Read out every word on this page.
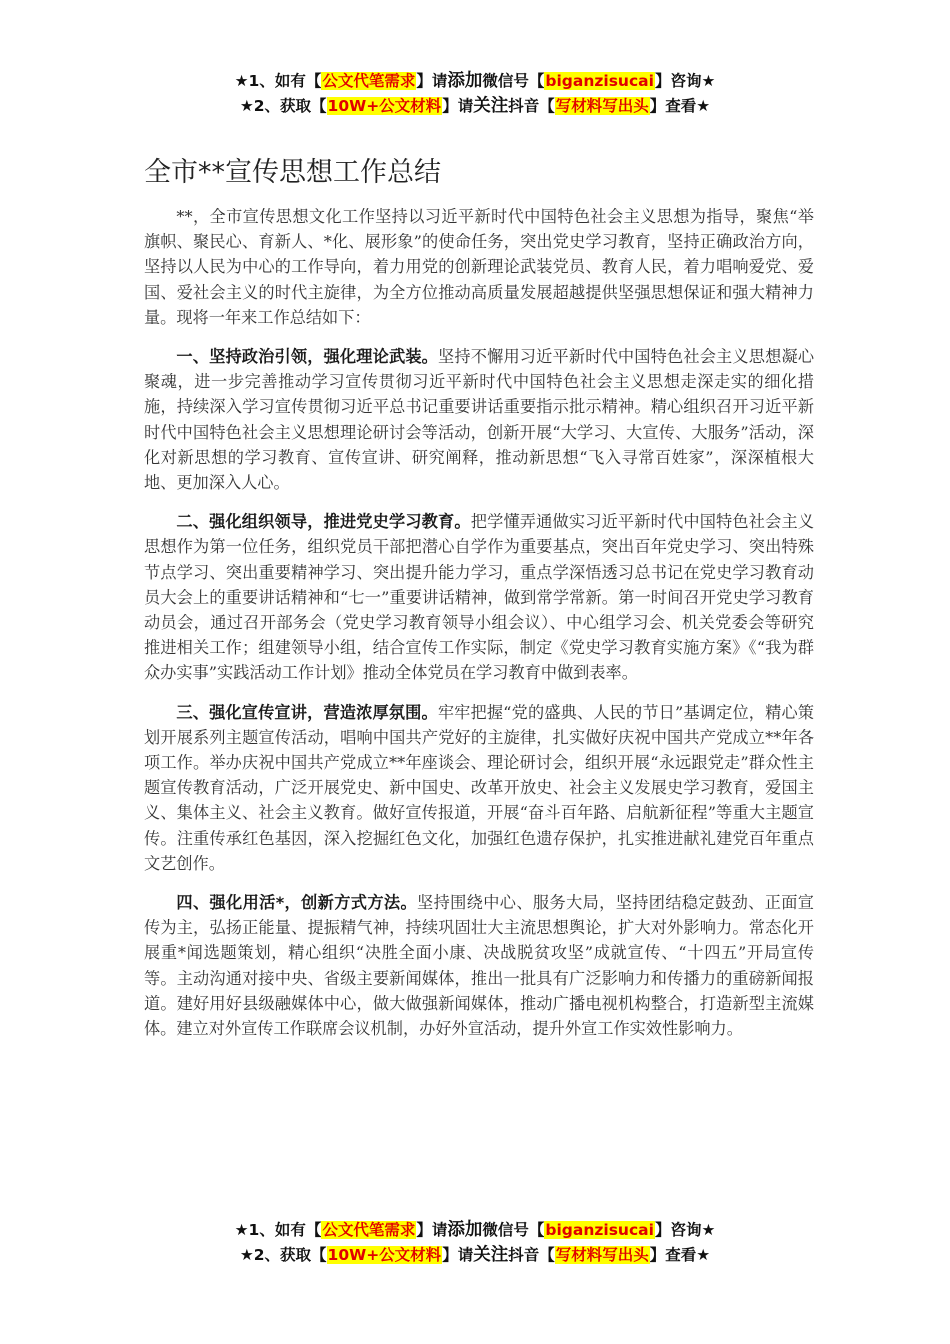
★1、如有【公文代笔需求】请添加微信号【biganzisucai】咨询★
★2、获取【10W+公文材料】请关注抖音【写材料写出头】查看★
全市**宣传思想工作总结

**，全市宣传思想文化工作坚持以习近平新时代中国特色社会主义思想为指导，聚焦“举旗帜、聚民心、育新人、*化、展形象”的使命任务，突出党史学习教育，坚持正确政治方向，坚持以人民为中心的工作导向，着力用党的创新理论武装党员、教育人民，着力唱响爱党、爱国、爱社会主义的时代主旋律，为全方位推动高质量发展超越提供坚强思想保证和强大精神力量。现将一年来工作总结如下：

一、坚持政治引领，强化理论武装。坚持不懈用习近平新时代中国特色社会主义思想凝心聚魂，进一步完善推动学习宣传贯彻习近平新时代中国特色社会主义思想走深走实的细化措施，持续深入学习宣传贯彻习近平总书记重要讲话重要指示批示精神。精心组织召开习近平新时代中国特色社会主义思想理论研讨会等活动，创新开展“大学习、大宣传、大服务”活动，深化对新思想的学习教育、宣传宣讲、研究阐释，推动新思想“飞入寻常百姓家”，深深植根大地、更加深入人心。

二、强化组织领导，推进党史学习教育。把学懂弄通做实习近平新时代中国特色社会主义思想作为第一位任务，组织党员干部把潜心自学作为重要基点，突出百年党史学习、突出特殊节点学习、突出重要精神学习、突出提升能力学习，重点学深悟透习总书记在党史学习教育动员大会上的重要讲话精神和“七一”重要讲话精神，做到常学常新。第一时间召开党史学习教育动员会，通过召开部务会（党史学习教育领导小组会议）、中心组学习会、机关党委会等研究推进相关工作；组建领导小组，结合宣传工作实际，制定《党史学习教育实施方案》《“我为群众办实事”实践活动工作计划》推动全体党员在学习教育中做到表率。

三、强化宣传宣讲，营造浓厚氛围。牢牢把握“党的盛典、人民的节日”基调定位，精心策划开展系列主题宣传活动，唱响中国共产党好的主旋律，扎实做好庆祝中国共产党成立**年各项工作。举办庆祝中国共产党成立**年座谈会、理论研讨会，组织开展“永远跟党走”群众性主题宣传教育活动，广泛开展党史、新中国史、改革开放史、社会主义发展史学习教育，爱国主义、集体主义、社会主义教育。做好宣传报道，开展“奋斗百年路、启航新征程”等重大主题宣传。注重传承红色基因，深入挖掘红色文化，加强红色遗存保护，扎实推进献礼建党百年重点文艺创作。

四、强化用活*，创新方式方法。坚持围绕中心、服务大局，坚持团结稳定鼓劲、正面宣传为主，弘扬正能量、提振精气神，持续巩固壮大主流思想舆论，扩大对外影响力。常态化开展重*闻选题策划，精心组织“决胜全面小康、决战脱贫攻坚”成就宣传、“十四五”开局宣传等。主动沟通对接中央、省级主要新闻媒体，推出一批具有广泛影响力和传播力的重磅新闻报道。建好用好县级融媒体中心，做大做强新闻媒体，推动广播电视机构整合，打造新型主流媒体。建立对外宣传工作联席会议机制，办好外宣活动，提升外宣工作实效性影响力。

★1、如有【公文代笔需求】请添加微信号【biganzisucai】咨询★
★2、获取【10W+公文材料】请关注抖音【写材料写出头】查看★
